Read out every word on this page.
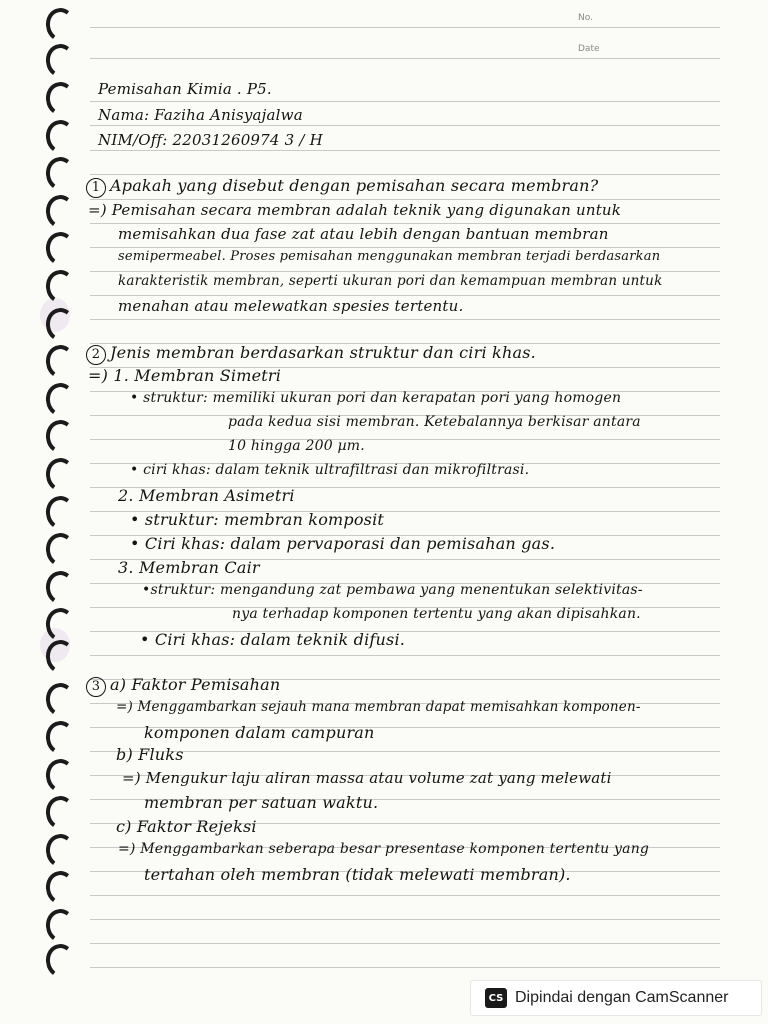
No.
Date
Pemisahan Kimia . P5.
Nama: Faziha Anisyajalwa
NIM/Off: 22031260974 3 / H
1 Apakah yang disebut dengan pemisahan secara membran?
=) Pemisahan secara membran adalah teknik yang digunakan untuk
memisahkan dua fase zat atau lebih dengan bantuan membran
semipermeabel. Proses pemisahan menggunakan membran terjadi berdasarkan
karakteristik membran, seperti ukuran pori dan kemampuan membran untuk
menahan atau melewatkan spesies tertentu.
2 Jenis membran berdasarkan struktur dan ciri khas.
=) 1. Membran Simetri
• struktur: memiliki ukuran pori dan kerapatan pori yang homogen
pada kedua sisi membran. Ketebalannya berkisar antara
10 hingga 200 µm.
• ciri khas: dalam teknik ultrafiltrasi dan mikrofiltrasi.
2. Membran Asimetri
• struktur: membran komposit
• Ciri khas: dalam pervaporasi dan pemisahan gas.
3. Membran Cair
•struktur: mengandung zat pembawa yang menentukan selektivitas-
nya terhadap komponen tertentu yang akan dipisahkan.
• Ciri khas: dalam teknik difusi.
3 a) Faktor Pemisahan
=) Menggambarkan sejauh mana membran dapat memisahkan komponen-
komponen dalam campuran
b) Fluks
=) Mengukur laju aliran massa atau volume zat yang melewati
membran per satuan waktu.
c) Faktor Rejeksi
=) Menggambarkan seberapa besar presentase komponen tertentu yang
tertahan oleh membran (tidak melewati membran).
CS Dipindai dengan CamScanner
